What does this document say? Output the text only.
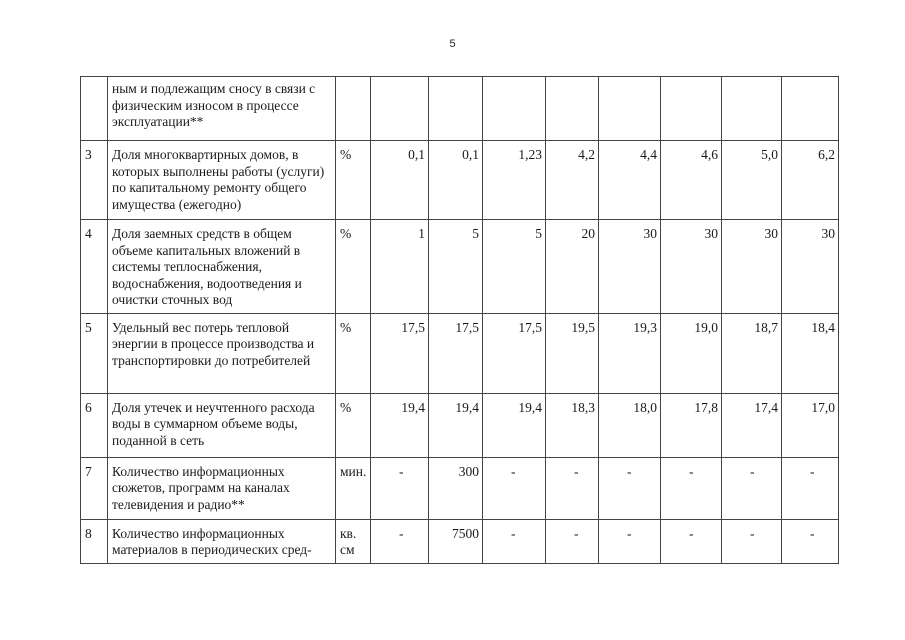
5
	ным и подлежащим сносу в связи с физическим износом в процессе эксплуатации**									
3	Доля многоквартирных домов, в которых выполнены работы (услуги) по капитальному ремонту общего имущества (ежегодно)	%	0,1	0,1	1,23	4,2	4,4	4,6	5,0	6,2
4	Доля заемных средств в общем объеме капитальных вложений в системы теплоснабжения, водоснабжения, водоотведения и очистки сточных вод	%	1	5	5	20	30	30	30	30
5	Удельный вес потерь тепловой энергии в процессе производства и транспортировки до потребителей	%	17,5	17,5	17,5	19,5	19,3	19,0	18,7	18,4
6	Доля утечек и неучтенного расхода воды в суммарном объеме воды, поданной в сеть	%	19,4	19,4	19,4	18,3	18,0	17,8	17,4	17,0
7	Количество информационных сюжетов, программ на каналах телевидения и радио**	мин.	-	300	-	-	-	-	-	-
8	Количество информационных материалов в периодических сред-	кв. см	-	7500	-	-	-	-	-	-
